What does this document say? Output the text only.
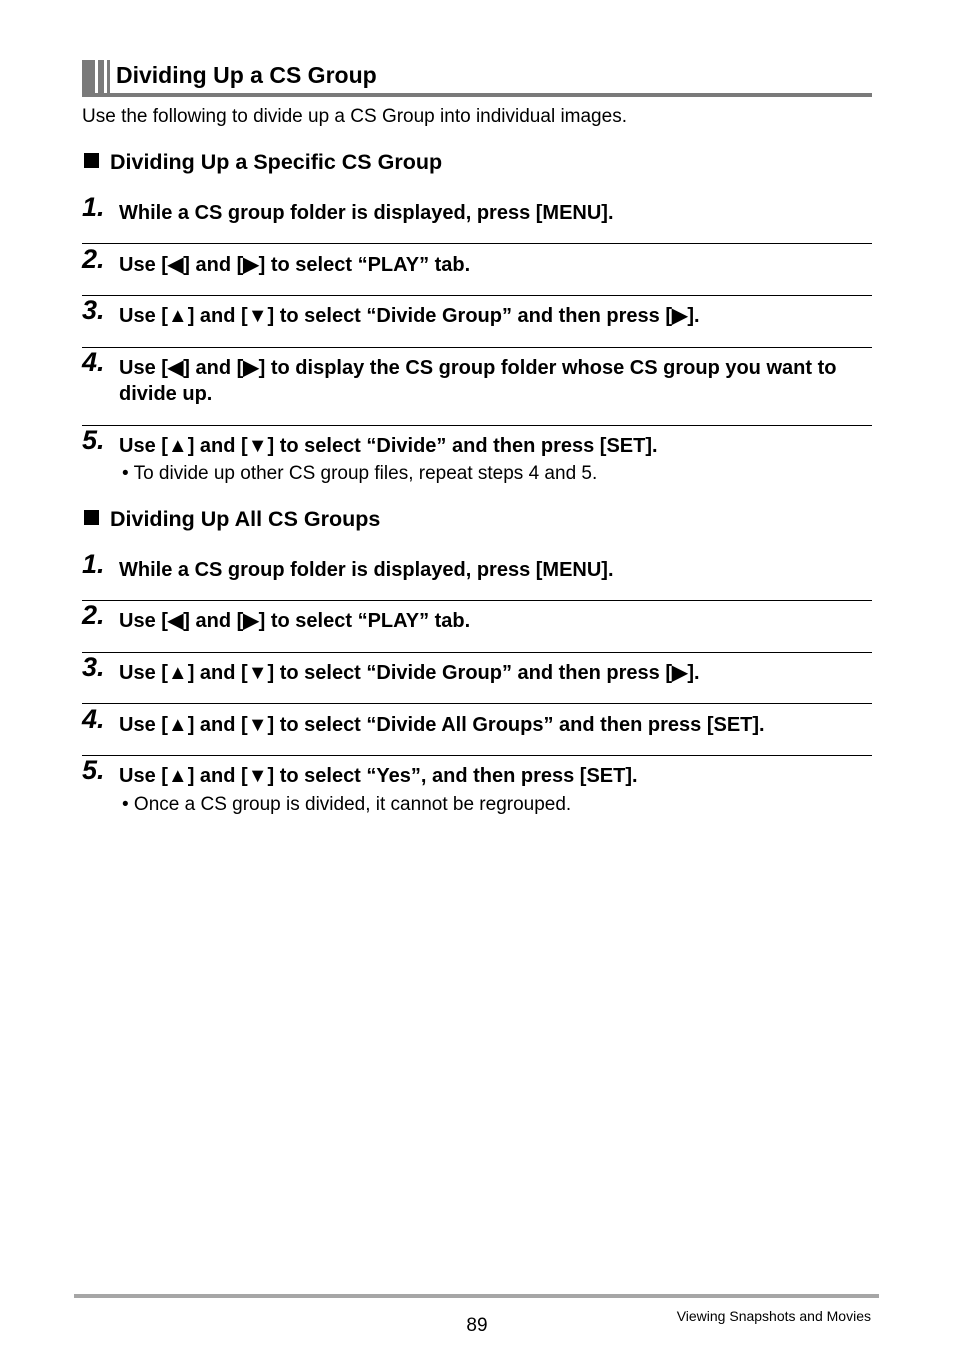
Dividing Up a CS Group
Use the following to divide up a CS Group into individual images.
Dividing Up a Specific CS Group
1. While a CS group folder is displayed, press [MENU].
2. Use [◀] and [▶] to select “PLAY” tab.
3. Use [▲] and [▼] to select “Divide Group” and then press [▶].
4. Use [◀] and [▶] to display the CS group folder whose CS group you want to divide up.
5. Use [▲] and [▼] to select “Divide” and then press [SET].
• To divide up other CS group files, repeat steps 4 and 5.
Dividing Up All CS Groups
1. While a CS group folder is displayed, press [MENU].
2. Use [◀] and [▶] to select “PLAY” tab.
3. Use [▲] and [▼] to select “Divide Group” and then press [▶].
4. Use [▲] and [▼] to select “Divide All Groups” and then press [SET].
5. Use [▲] and [▼] to select “Yes”, and then press [SET].
• Once a CS group is divided, it cannot be regrouped.
89	Viewing Snapshots and Movies
